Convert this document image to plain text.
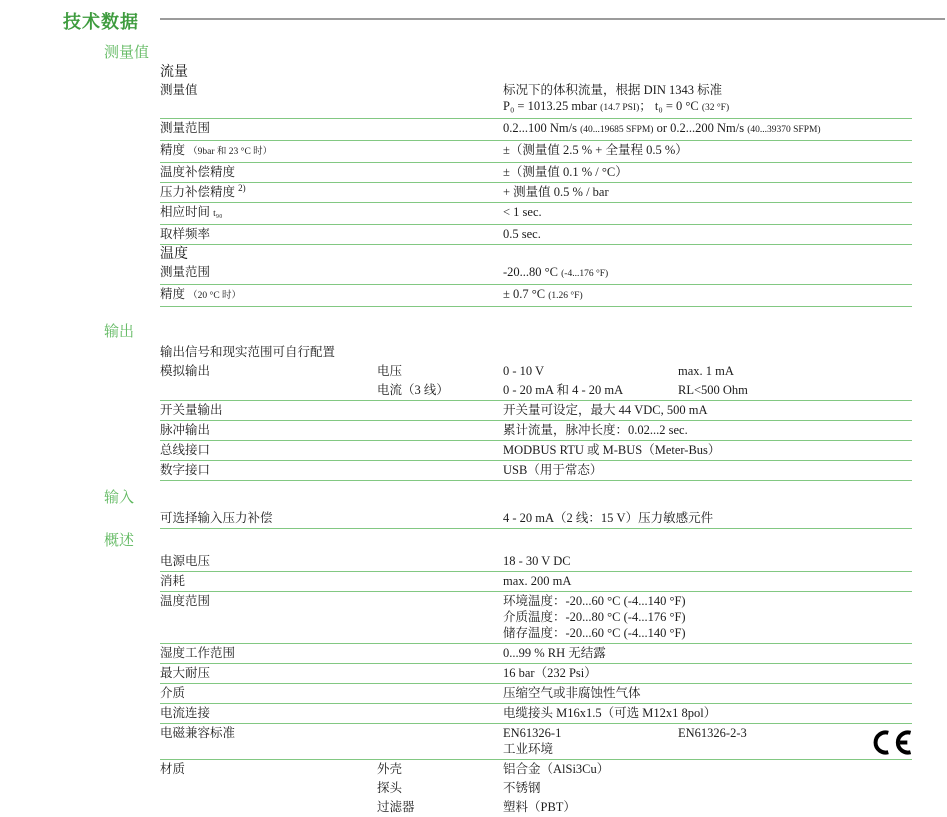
技术数据
测量值
流量
测量值	标况下的体积流量，根据 DIN 1343 标准
P₀ = 1013.25 mbar (14.7 PSI)； t₀ = 0 °C (32 °F)
测量范围	0.2...100 Nm/s (40...19685 SFPM) or 0.2...200 Nm/s (40...39370 SFPM)
精度 （9bar 和 23 °C 时）	±（测量值 2.5 % + 全量程 0.5 %）
温度补偿精度	±（测量值 0.1 % / °C）
压力补偿精度 $^{2)}$	+ 测量值 0.5 % / bar
相应时间 t₉₀	< 1 sec.
取样频率	0.5 sec.
温度
测量范围	-20...80 °C (-4...176 °F)
精度 （20 °C 时）	± 0.7 °C (1.26 °F)
输出
输出信号和现实范围可自行配置
模拟输出	电压	0 - 10 V	max. 1 mA
电流（3 线）	0 - 20 mA 和 4 - 20 mA	RL<500 Ohm
开关量输出	开关量可设定，最大 44 VDC, 500 mA
脉冲输出	累计流量，脉冲长度：0.02...2 sec.
总线接口	MODBUS RTU 或 M-BUS（Meter-Bus）
数字接口	USB（用于常态）
输入
可选择输入压力补偿	4 - 20 mA（2 线：15 V）压力敏感元件
概述
电源电压	18 - 30 V DC
消耗	max. 200 mA
温度范围	环境温度：-20...60 °C (-4...140 °F)
介质温度：-20...80 °C (-4...176 °F)
储存温度：-20...60 °C (-4...140 °F)
湿度工作范围	0...99 % RH 无结露
最大耐压	16 bar（232 Psi）
介质	压缩空气或非腐蚀性气体
电流连接	电缆接头 M16x1.5（可选 M12x1 8pol）
电磁兼容标准	EN61326-1	EN61326-2-3
工业环境
材质	外壳	铝合金（AlSi3Cu）
探头	不锈钢
过滤器	塑料（PBT）
